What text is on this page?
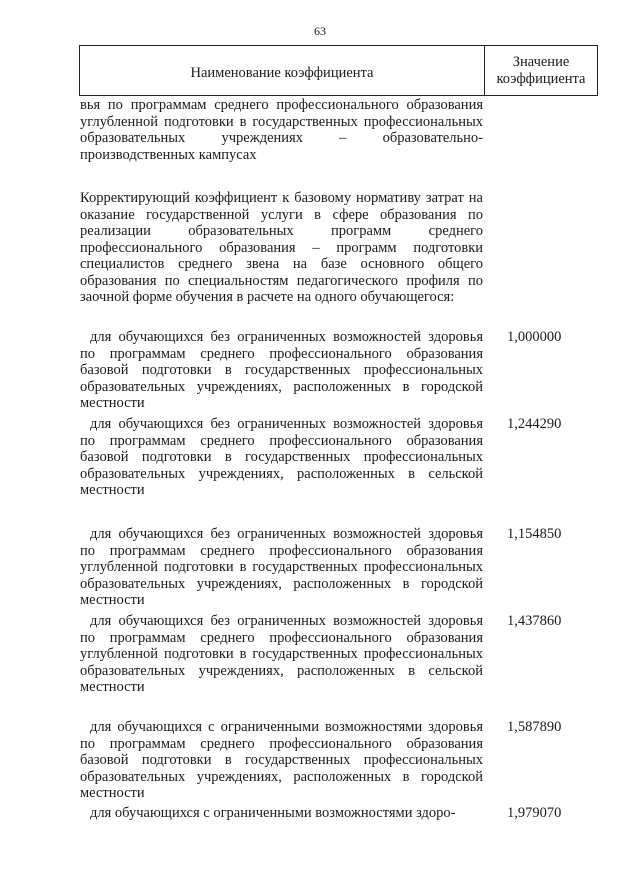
63
Наименование коэффициента
Значение
коэффициента

вья по программам среднего профессионального образования углубленной подготовки в государственных профессиональных образовательных учреждениях – образовательно-производственных кампусах

Корректирующий коэффициент к базовому нормативу затрат на оказание государственной услуги в сфере образования по реализации образовательных программ среднего профессионального образования – программ подготовки специалистов среднего звена на базе основного общего образования по специальностям педагогического профиля по заочной форме обучения в расчете на одного обучающегося:

для обучающихся без ограниченных возможностей здоровья по программам среднего профессионального образования базовой подготовки в государственных профессиональных образовательных учреждениях, расположенных в городской местности

1,000000

для обучающихся без ограниченных возможностей здоровья по программам среднего профессионального образования базовой подготовки в государственных профессиональных образовательных учреждениях, расположенных в сельской местности

1,244290

для обучающихся без ограниченных возможностей здоровья по программам среднего профессионального образования углубленной подготовки в государственных профессиональных образовательных учреждениях, расположенных в городской местности

1,154850

для обучающихся без ограниченных возможностей здоровья по программам среднего профессионального образования углубленной подготовки в государственных профессиональных образовательных учреждениях, расположенных в сельской местности

1,437860

для обучающихся с ограниченными возможностями здоровья по программам среднего профессионального образования базовой подготовки в государственных профессиональных образовательных учреждениях, расположенных в городской местности

1,587890

для обучающихся с ограниченными возможностями здоро-	1,979070
